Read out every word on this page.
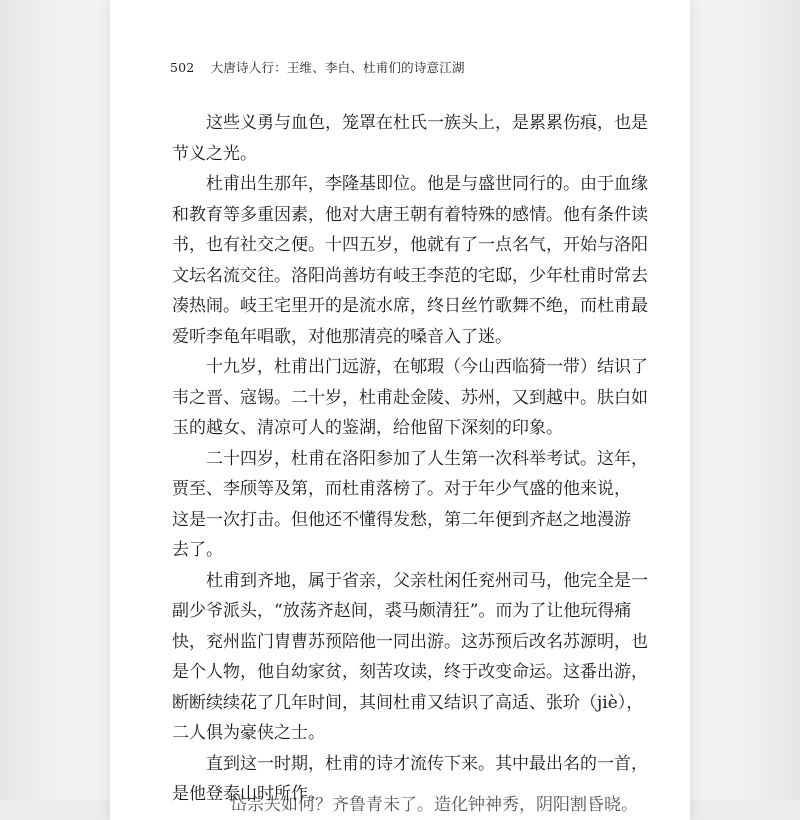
502 大唐诗人行：王维、李白、杜甫们的诗意江湖
这些义勇与血色，笼罩在杜氏一族头上，是累累伤痕，也是
节义之光。
杜甫出生那年，李隆基即位。他是与盛世同行的。由于血缘
和教育等多重因素，他对大唐王朝有着特殊的感情。他有条件读
书，也有社交之便。十四五岁，他就有了一点名气，开始与洛阳
文坛名流交往。洛阳尚善坊有岐王李范的宅邸，少年杜甫时常去
凑热闹。岐王宅里开的是流水席，终日丝竹歌舞不绝，而杜甫最
爱听李龟年唱歌，对他那清亮的嗓音入了迷。
十九岁，杜甫出门远游，在郇瑕（今山西临猗一带）结识了
韦之晋、寇锡。二十岁，杜甫赴金陵、苏州，又到越中。肤白如
玉的越女、清凉可人的鉴湖，给他留下深刻的印象。
二十四岁，杜甫在洛阳参加了人生第一次科举考试。这年，
贾至、李颀等及第，而杜甫落榜了。对于年少气盛的他来说，
这是一次打击。但他还不懂得发愁，第二年便到齐赵之地漫游
去了。
杜甫到齐地，属于省亲，父亲杜闲任兖州司马，他完全是一
副少爷派头，“放荡齐赵间，裘马颇清狂”。而为了让他玩得痛
快，兖州监门胄曹苏预陪他一同出游。这苏预后改名苏源明，也
是个人物，他自幼家贫，刻苦攻读，终于改变命运。这番出游，
断断续续花了几年时间，其间杜甫又结识了高适、张玠（jiè），
二人俱为豪侠之士。
直到这一时期，杜甫的诗才流传下来。其中最出名的一首，
是他登泰山时所作。
岱宗夫如何？齐鲁青未了。造化钟神秀，阴阳割昏晓。
